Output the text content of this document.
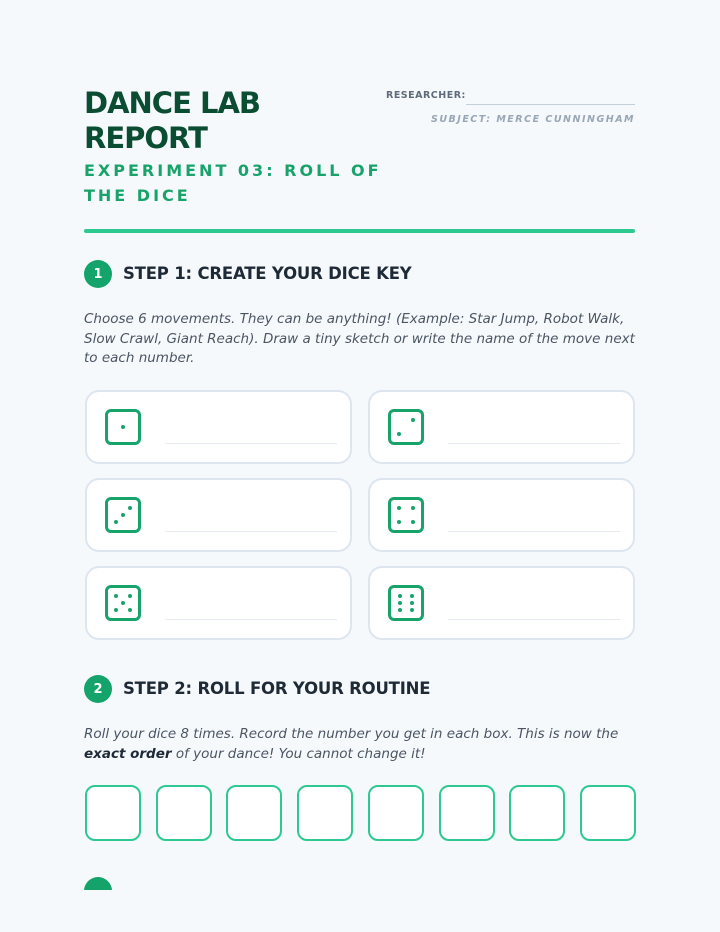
DANCE LAB REPORT
EXPERIMENT 03: ROLL OF THE DICE
RESEARCHER:
SUBJECT: MERCE CUNNINGHAM
1	STEP 1: CREATE YOUR DICE KEY

Choose 6 movements. They can be anything! (Example: Star Jump, Robot Walk, Slow Crawl, Giant Reach). Draw a tiny sketch or write the name of the move next to each number.

2	STEP 2: ROLL FOR YOUR ROUTINE

Roll your dice 8 times. Record the number you get in each box. This is now the exact order of your dance! You cannot change it!
